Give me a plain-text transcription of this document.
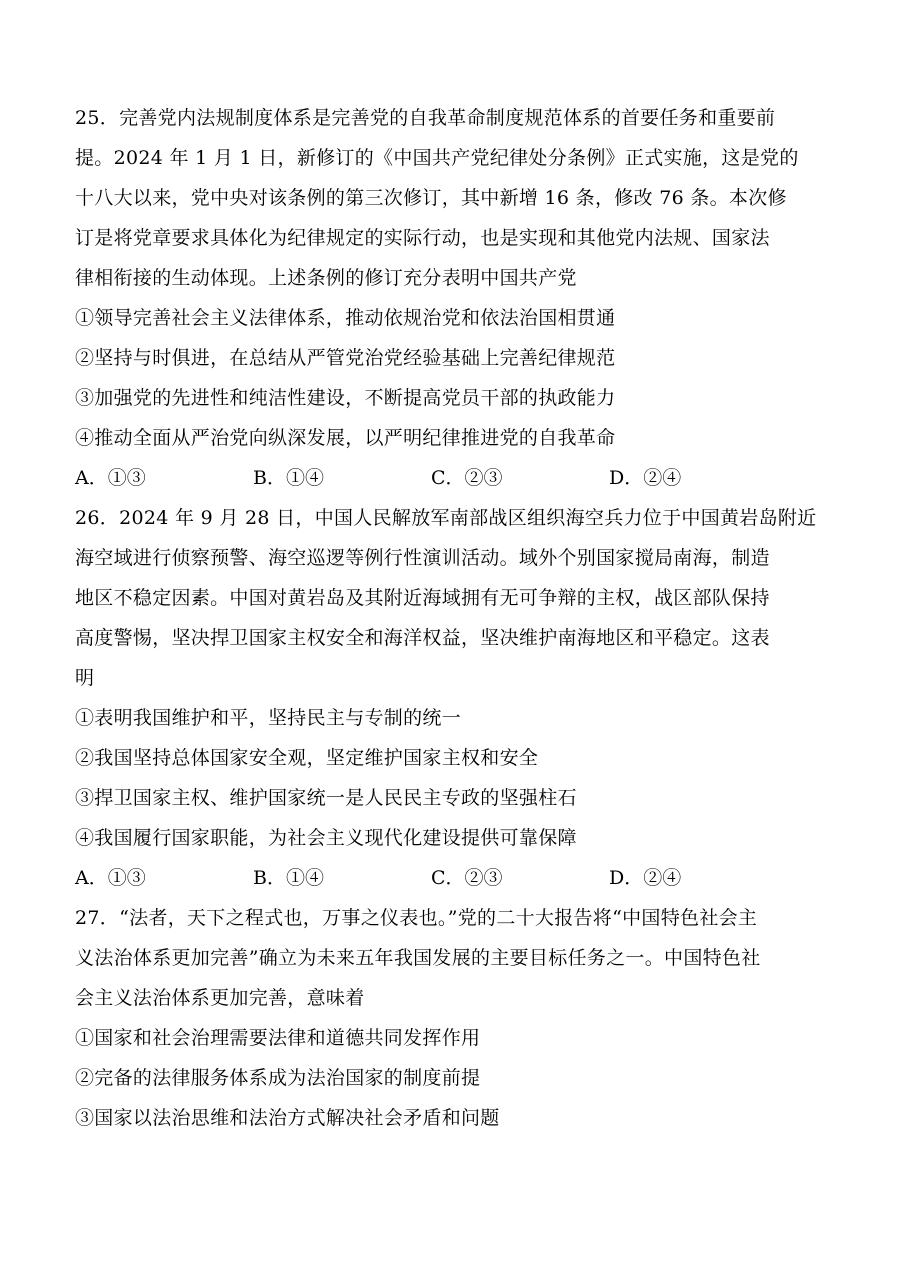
25．完善党内法规制度体系是完善党的自我革命制度规范体系的首要任务和重要前
提。2024 年 1 月 1 日，新修订的《中国共产党纪律处分条例》正式实施，这是党的
十八大以来，党中央对该条例的第三次修订，其中新增 16 条，修改 76 条。本次修
订是将党章要求具体化为纪律规定的实际行动，也是实现和其他党内法规、国家法
律相衔接的生动体现。上述条例的修订充分表明中国共产党
①领导完善社会主义法律体系，推动依规治党和依法治国相贯通
②坚持与时俱进，在总结从严管党治党经验基础上完善纪律规范
③加强党的先进性和纯洁性建设，不断提高党员干部的执政能力
④推动全面从严治党向纵深发展，以严明纪律推进党的自我革命
A．①③	B．①④	C．②③	D．②④
26．2024 年 9 月 28 日，中国人民解放军南部战区组织海空兵力位于中国黄岩岛附近
海空域进行侦察预警、海空巡逻等例行性演训活动。域外个别国家搅局南海，制造
地区不稳定因素。中国对黄岩岛及其附近海域拥有无可争辩的主权，战区部队保持
高度警惕，坚决捍卫国家主权安全和海洋权益，坚决维护南海地区和平稳定。这表
明
①表明我国维护和平，坚持民主与专制的统一
②我国坚持总体国家安全观，坚定维护国家主权和安全
③捍卫国家主权、维护国家统一是人民民主专政的坚强柱石
④我国履行国家职能，为社会主义现代化建设提供可靠保障
A．①③	B．①④	C．②③	D．②④
27．“法者，天下之程式也，万事之仪表也。”党的二十大报告将“中国特色社会主
义法治体系更加完善”确立为未来五年我国发展的主要目标任务之一。中国特色社
会主义法治体系更加完善，意味着
①国家和社会治理需要法律和道德共同发挥作用
②完备的法律服务体系成为法治国家的制度前提
③国家以法治思维和法治方式解决社会矛盾和问题
